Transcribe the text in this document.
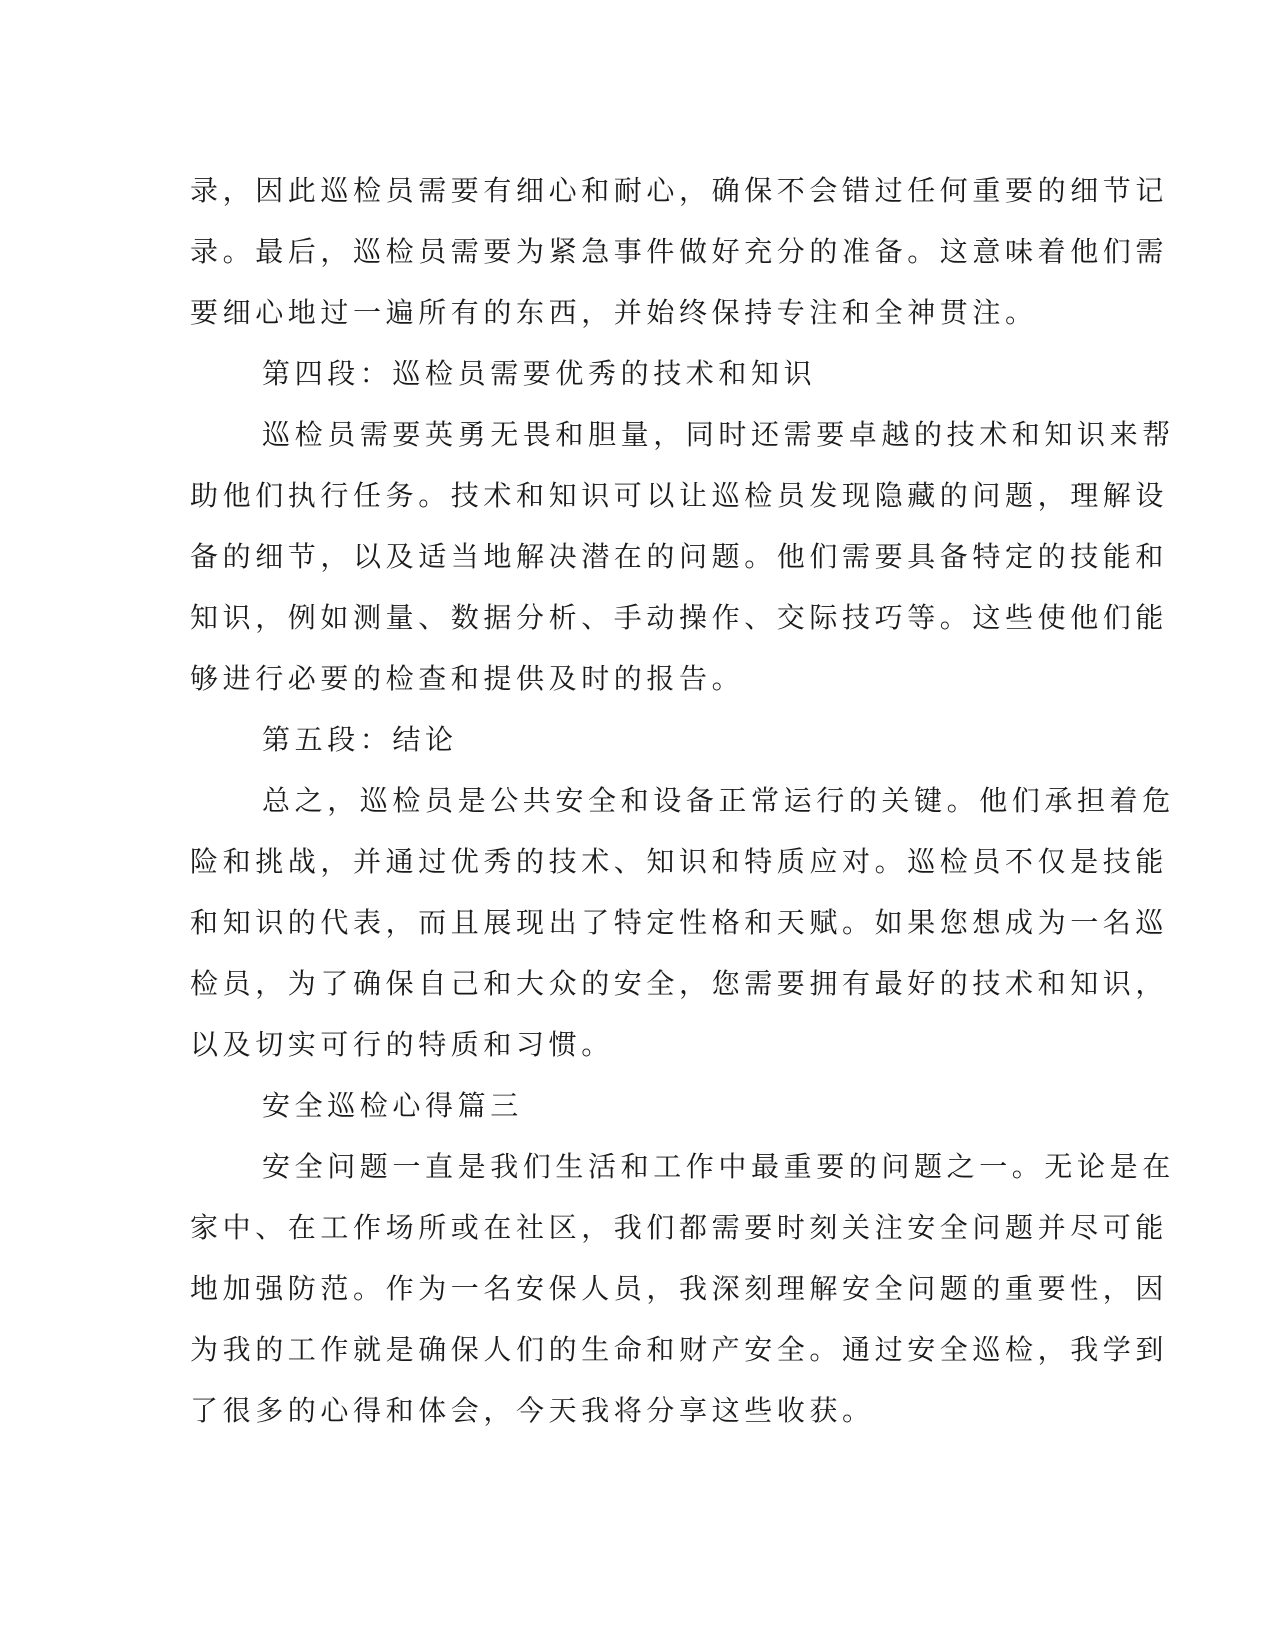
录，因此巡检员需要有细心和耐心，确保不会错过任何重要的细节记
录。最后，巡检员需要为紧急事件做好充分的准备。这意味着他们需
要细心地过一遍所有的东西，并始终保持专注和全神贯注。
第四段：巡检员需要优秀的技术和知识
巡检员需要英勇无畏和胆量，同时还需要卓越的技术和知识来帮
助他们执行任务。技术和知识可以让巡检员发现隐藏的问题，理解设
备的细节，以及适当地解决潜在的问题。他们需要具备特定的技能和
知识，例如测量、数据分析、手动操作、交际技巧等。这些使他们能
够进行必要的检查和提供及时的报告。
第五段：结论
总之，巡检员是公共安全和设备正常运行的关键。他们承担着危
险和挑战，并通过优秀的技术、知识和特质应对。巡检员不仅是技能
和知识的代表，而且展现出了特定性格和天赋。如果您想成为一名巡
检员，为了确保自己和大众的安全，您需要拥有最好的技术和知识，
以及切实可行的特质和习惯。
安全巡检心得篇三
安全问题一直是我们生活和工作中最重要的问题之一。无论是在
家中、在工作场所或在社区，我们都需要时刻关注安全问题并尽可能
地加强防范。作为一名安保人员，我深刻理解安全问题的重要性，因
为我的工作就是确保人们的生命和财产安全。通过安全巡检，我学到
了很多的心得和体会，今天我将分享这些收获。
